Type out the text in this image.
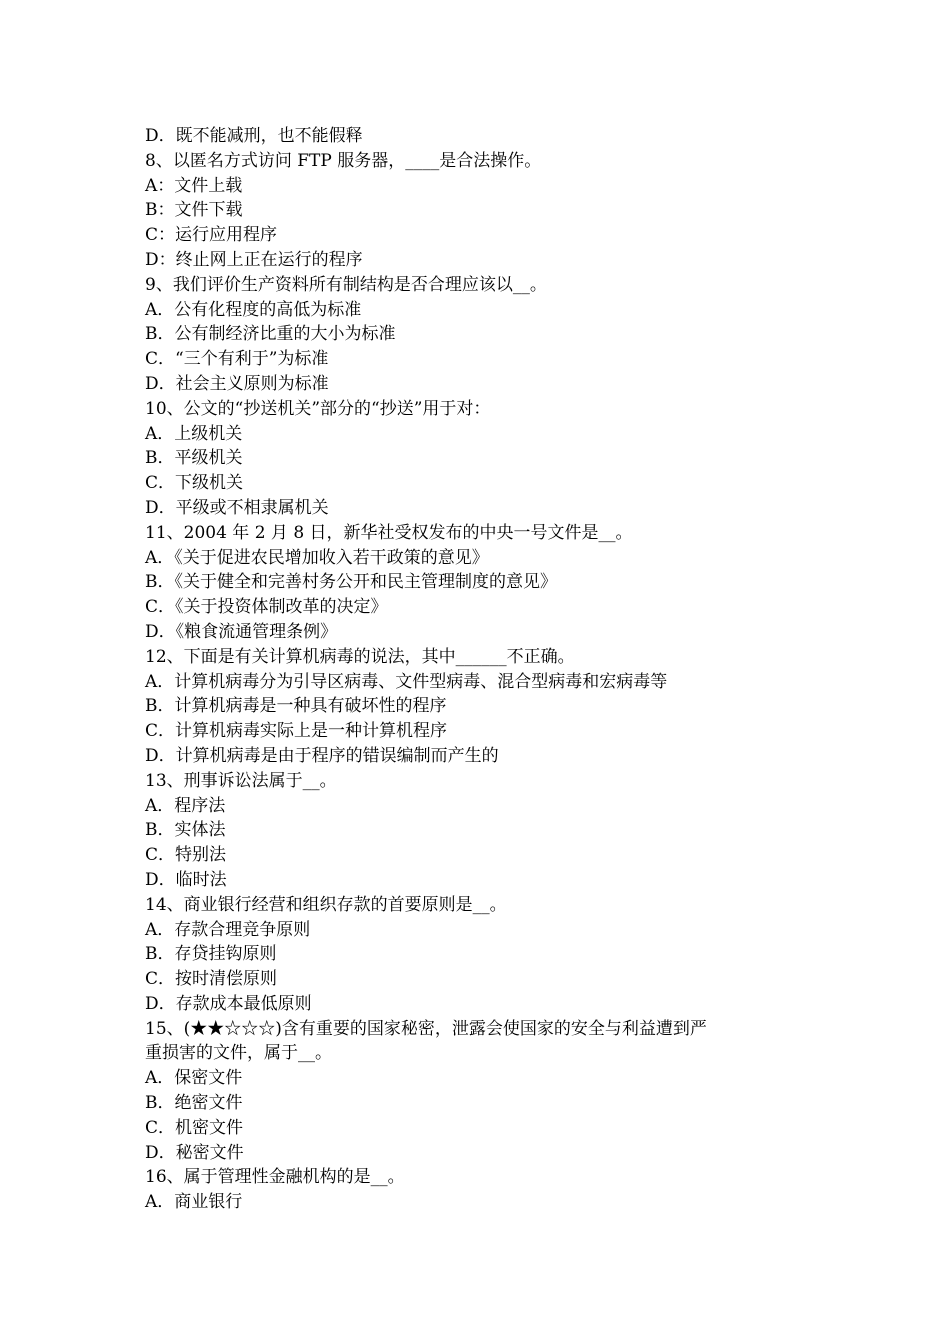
D．既不能减刑，也不能假释
8、以匿名方式访问 FTP 服务器，____是合法操作。
A：文件上载
B：文件下载
C：运行应用程序
D：终止网上正在运行的程序
9、我们评价生产资料所有制结构是否合理应该以__。
A．公有化程度的高低为标准
B．公有制经济比重的大小为标准
C．“三个有利于”为标准
D．社会主义原则为标准
10、公文的“抄送机关”部分的“抄送”用于对：
A．上级机关
B．平级机关
C．下级机关
D．平级或不相隶属机关
11、2004 年 2 月 8 日，新华社受权发布的中央一号文件是__。
A．《关于促进农民增加收入若干政策的意见》
B．《关于健全和完善村务公开和民主管理制度的意见》
C．《关于投资体制改革的决定》
D．《粮食流通管理条例》
12、下面是有关计算机病毒的说法，其中______不正确。
A．计算机病毒分为引导区病毒、文件型病毒、混合型病毒和宏病毒等
B．计算机病毒是一种具有破坏性的程序
C．计算机病毒实际上是一种计算机程序
D．计算机病毒是由于程序的错误编制而产生的
13、刑事诉讼法属于__。
A．程序法
B．实体法
C．特别法
D．临时法
14、商业银行经营和组织存款的首要原则是__。
A．存款合理竞争原则
B．存贷挂钩原则
C．按时清偿原则
D．存款成本最低原则
15、(★★☆☆☆)含有重要的国家秘密，泄露会使国家的安全与利益遭到严
重损害的文件，属于__。
A．保密文件
B．绝密文件
C．机密文件
D．秘密文件
16、属于管理性金融机构的是__。
A．商业银行
